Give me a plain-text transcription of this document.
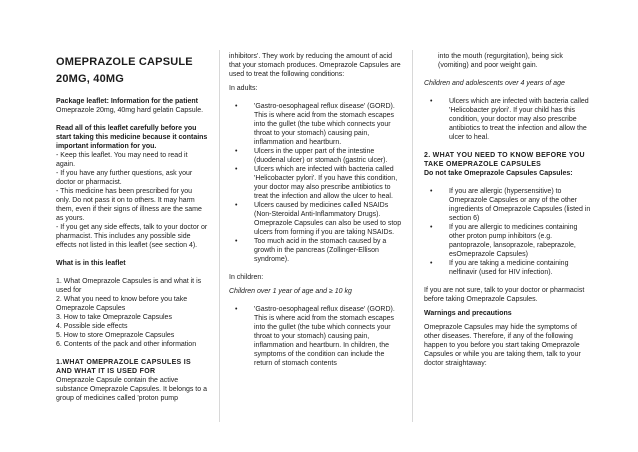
OMEPRAZOLE CAPSULE
20MG, 40MG

Package leaflet: Information for the patient

Omeprazole 20mg, 40mg hard gelatin Capsule.

Read all of this leaflet carefully before you start taking this medicine because it contains important information for you.

- Keep this leaflet. You may need to read it again.

- If you have any further questions, ask your doctor or pharmacist.

- This medicine has been prescribed for you only. Do not pass it on to others. It may harm them, even if their signs of illness are the same as yours.

- If you get any side effects, talk to your doctor or pharmacist. This includes any possible side effects not listed in this leaflet (see section 4).

What is in this leaflet

1. What Omeprazole Capsules is and what it is used for

2. What you need to know before you take Omeprazole Capsules

3. How to take Omeprazole Capsules

4. Possible side effects

5. How to store Omeprazole Capsules

6. Contents of the pack and other information

1.WHAT OMEPRAZOLE CAPSULES IS AND WHAT IT IS USED FOR

Omeprazole Capsule contain the active substance Omeprazole Capsules. It belongs to a group of medicines called 'proton pump

inhibitors'. They work by reducing the amount of acid that your stomach produces. Omeprazole Capsules are used to treat the following conditions:

In adults:

• 'Gastro-oesophageal reflux disease' (GORD). This is where acid from the stomach escapes into the gullet (the tube which connects your throat to your stomach) causing pain, inflammation and heartburn.
• Ulcers in the upper part of the intestine (duodenal ulcer) or stomach (gastric ulcer).
• Ulcers which are infected with bacteria called 'Helicobacter pylori'. If you have this condition, your doctor may also prescribe antibiotics to treat the infection and allow the ulcer to heal.
• Ulcers caused by medicines called NSAIDs (Non-Steroidal Anti-Inflammatory Drugs). Omeprazole Capsules can also be used to stop ulcers from forming if you are taking NSAIDs.
• Too much acid in the stomach caused by a growth in the pancreas (Zollinger-Ellison syndrome).

In children:

Children over 1 year of age and ≥ 10 kg

• 'Gastro-oesophageal reflux disease' (GORD). This is where acid from the stomach escapes into the gullet (the tube which connects your throat to your stomach) causing pain, inflammation and heartburn. In children, the symptoms of the condition can include the return of stomach contents

into the mouth (regurgitation), being sick (vomiting) and poor weight gain.

Children and adolescents over 4 years of age

• Ulcers which are infected with bacteria called 'Helicobacter pylori'. If your child has this condition, your doctor may also prescribe antibiotics to treat the infection and allow the ulcer to heal.

2. WHAT YOU NEED TO KNOW BEFORE YOU TAKE OMEPRAZOLE CAPSULES

Do not take Omeprazole Capsules Capsules:

• If you are allergic (hypersensitive) to Omeprazole Capsules or any of the other ingredients of Omeprazole Capsules (listed in section 6)
• If you are allergic to medicines containing other proton pump inhibitors (e.g. pantoprazole, lansoprazole, rabeprazole, esOmeprazole Capsules)
• If you are taking a medicine containing nelfinavir (used for HIV infection).

If you are not sure, talk to your doctor or pharmacist before taking Omeprazole Capsules.

Warnings and precautions

Omeprazole Capsules may hide the symptoms of other diseases. Therefore, if any of the following happen to you before you start taking Omeprazole Capsules or while you are taking them, talk to your doctor straightaway:
